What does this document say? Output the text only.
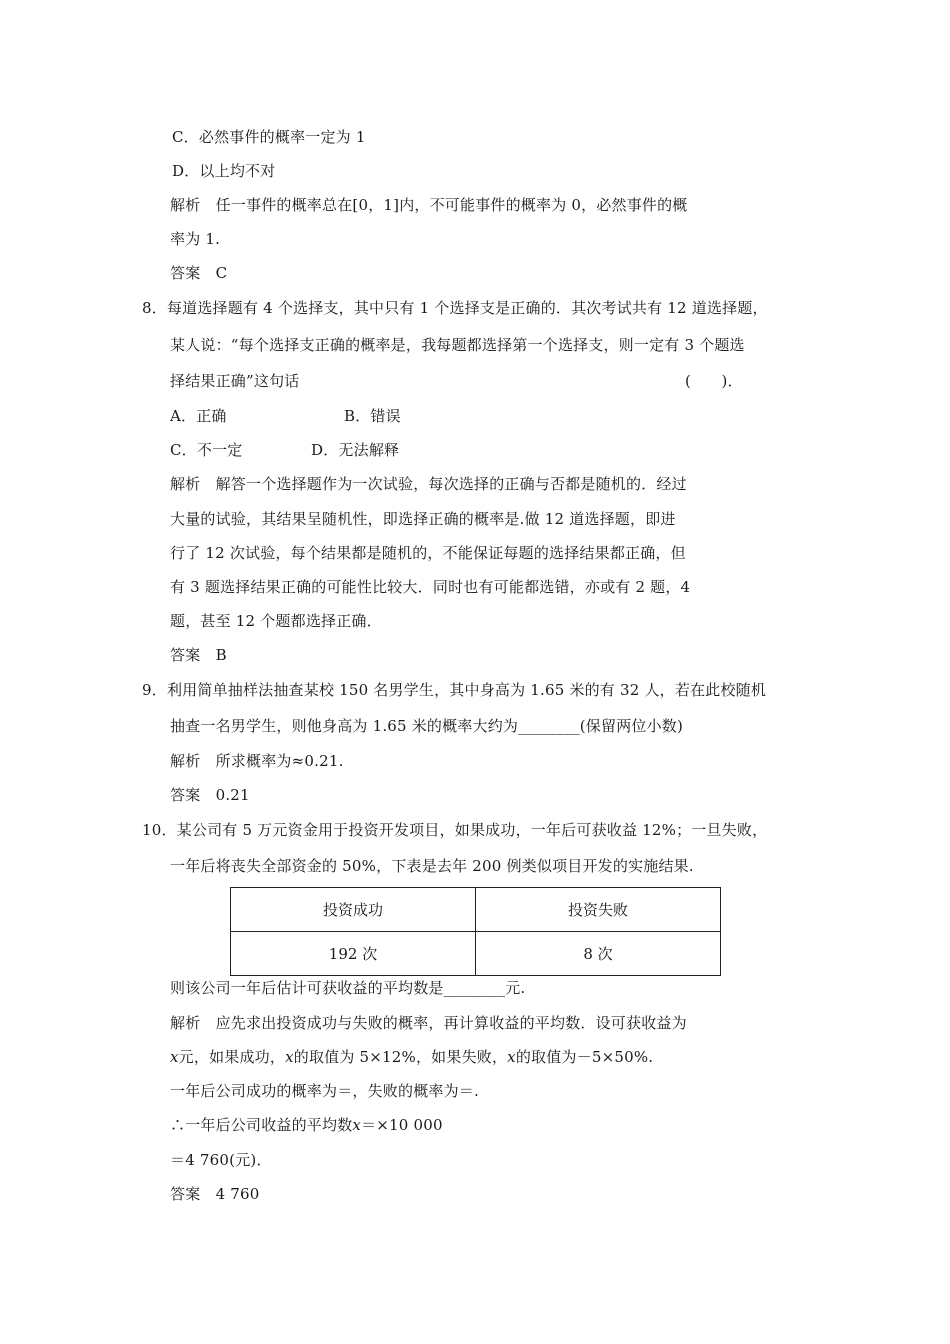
C．必然事件的概率一定为 1
D．以上均不对
解析　任一事件的概率总在[0，1]内，不可能事件的概率为 0，必然事件的概
率为 1.
答案　C
8．每道选择题有 4 个选择支，其中只有 1 个选择支是正确的．其次考试共有 12 道选择题，
某人说：“每个选择支正确的概率是，我每题都选择第一个选择支，则一定有 3 个题选
择结果正确”这句话	(　　)．
A．正确	B．错误
C．不一定	D．无法解释
解析　解答一个选择题作为一次试验，每次选择的正确与否都是随机的．经过
大量的试验，其结果呈随机性，即选择正确的概率是.做 12 道选择题，即进
行了 12 次试验，每个结果都是随机的，不能保证每题的选择结果都正确，但
有 3 题选择结果正确的可能性比较大．同时也有可能都选错，亦或有 2 题，4
题，甚至 12 个题都选择正确．
答案　B
9．利用简单抽样法抽查某校 150 名男学生，其中身高为 1.65 米的有 32 人，若在此校随机
抽查一名男学生，则他身高为 1.65 米的概率大约为________(保留两位小数)
解析　所求概率为≈0.21.
答案　0.21
10．某公司有 5 万元资金用于投资开发项目，如果成功，一年后可获收益 12%；一旦失败，
一年后将丧失全部资金的 50%，下表是去年 200 例类似项目开发的实施结果.
投资成功	投资失败
192 次	8 次
则该公司一年后估计可获收益的平均数是________元.
解析　应先求出投资成功与失败的概率，再计算收益的平均数．设可获收益为
x元，如果成功，x的取值为 5×12%，如果失败，x的取值为－5×50%.
一年后公司成功的概率为＝，失败的概率为＝.
∴一年后公司收益的平均数x＝×10 000
＝4 760(元)．
答案　4 760
